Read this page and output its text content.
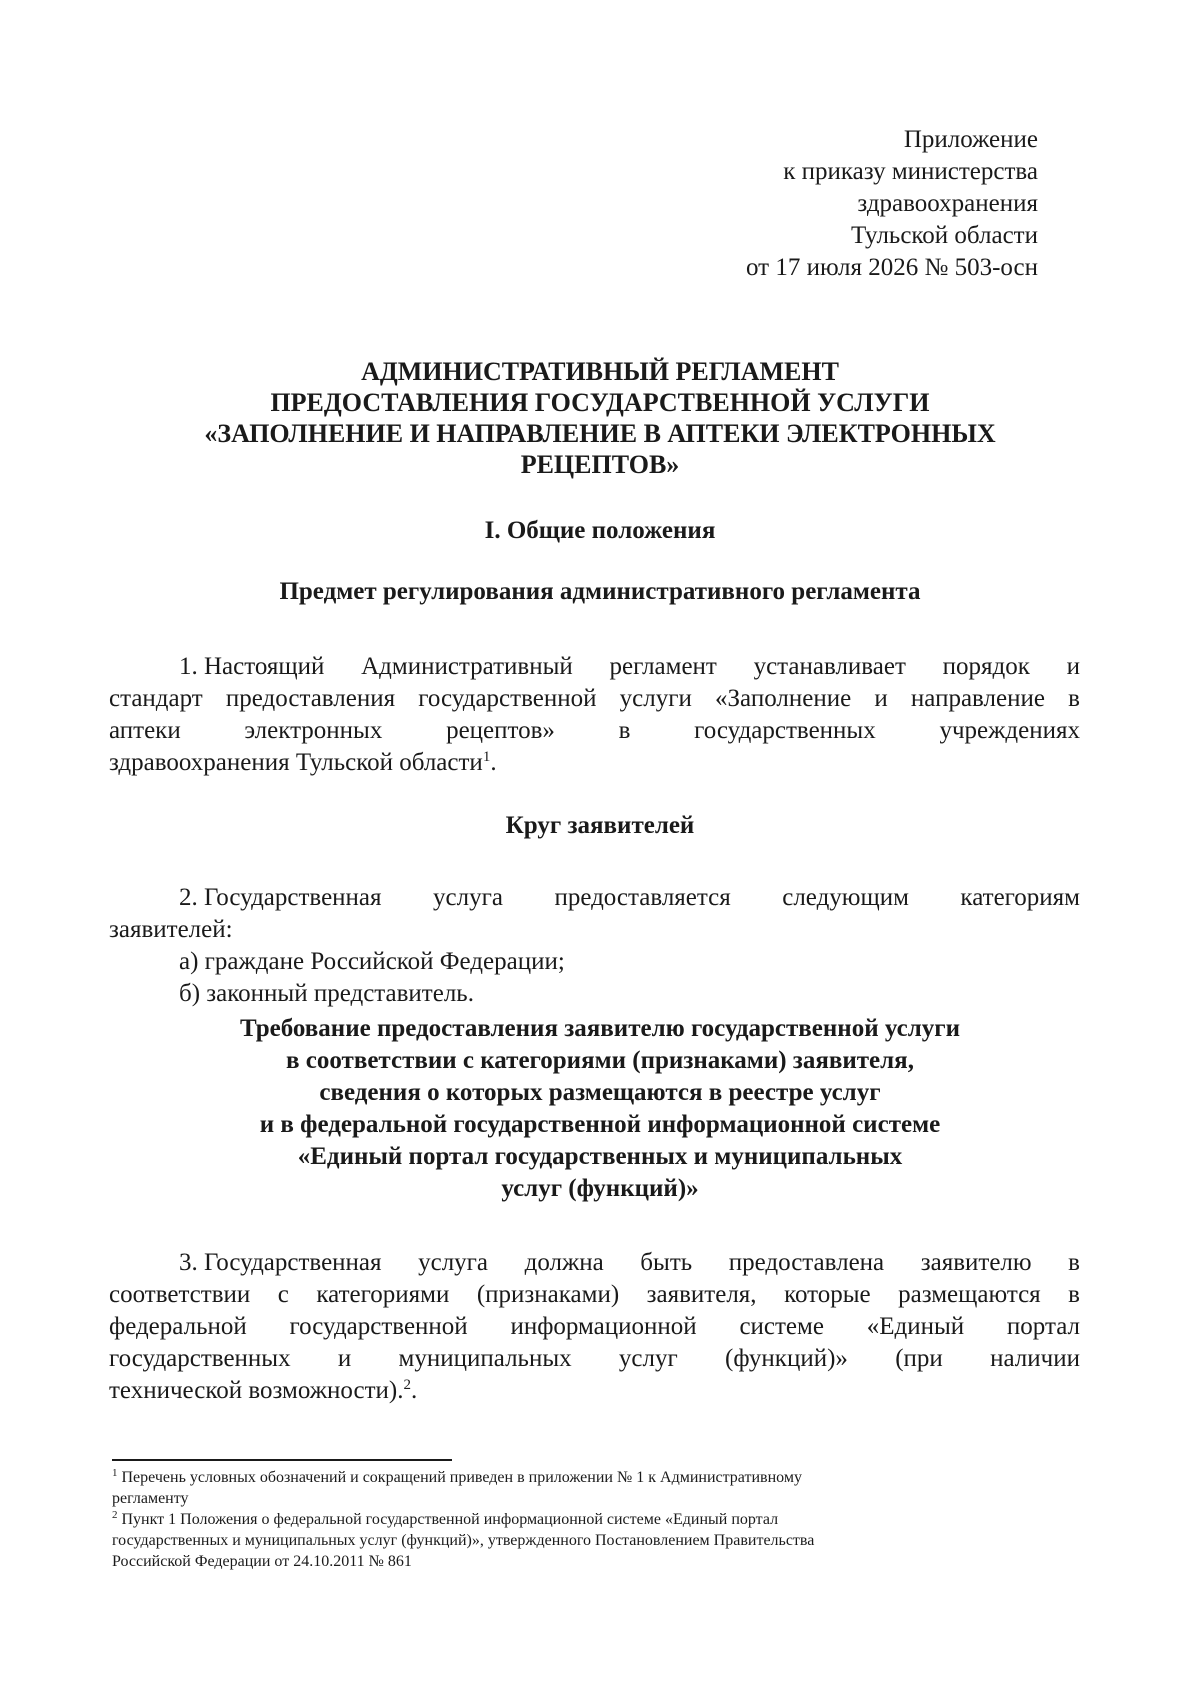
Приложение
к приказу министерства
здравоохранения
Тульской области
от 17 июля 2026 № 503-осн
АДМИНИСТРАТИВНЫЙ РЕГЛАМЕНТ
ПРЕДОСТАВЛЕНИЯ ГОСУДАРСТВЕННОЙ УСЛУГИ
«ЗАПОЛНЕНИЕ И НАПРАВЛЕНИЕ В АПТЕКИ ЭЛЕКТРОННЫХ
РЕЦЕПТОВ»
I. Общие положения
Предмет регулирования административного регламента
1. Настоящий Административный регламент устанавливает порядок и
стандарт предоставления государственной услуги «Заполнение и направление в
аптеки	электронных	рецептов»	в	государственных	учреждениях
здравоохранения Тульской области$^1$.
Круг заявителей
2. Государственная услуга предоставляется следующим категориям
заявителей:
а) граждане Российской Федерации;
б) законный представитель.
Требование предоставления заявителю государственной услуги
в соответствии с категориями (признаками) заявителя,
сведения о которых размещаются в реестре услуг
и в федеральной государственной информационной системе
«Единый портал государственных и муниципальных
услуг (функций)»
3. Государственная услуга должна быть предоставлена заявителю в
соответствии с категориями (признаками) заявителя, которые размещаются в
федеральной государственной информационной системе «Единый портал
государственных и муниципальных услуг (функций)» (при наличии
технической возможности).$^2$.
$^1$ Перечень условных обозначений и сокращений приведен в приложении № 1 к Административному
регламенту
$^2$ Пункт 1 Положения о федеральной государственной информационной системе «Единый портал
государственных и муниципальных услуг (функций)», утвержденного Постановлением Правительства
Российской Федерации от 24.10.2011 № 861
